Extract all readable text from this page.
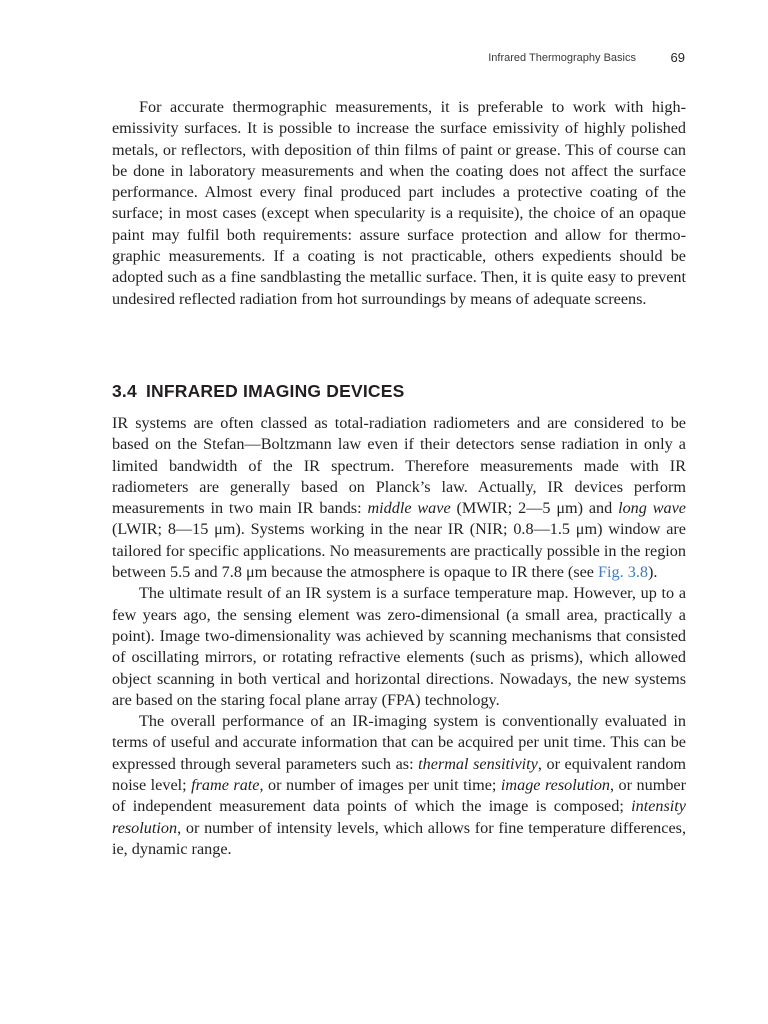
Infrared Thermography Basics	69

For accurate thermographic measurements, it is preferable to work with high-emissivity surfaces. It is possible to increase the surface emissivity of highly polished metals, or reflectors, with deposition of thin films of paint or grease. This of course can be done in laboratory measurements and when the coating does not affect the surface performance. Almost every final produced part includes a protective coating of the surface; in most cases (except when specularity is a requisite), the choice of an opaque paint may fulfil both requirements: assure surface protection and allow for thermographic measurements. If a coating is not practicable, others expedients should be adopted such as a fine sandblasting the metallic surface. Then, it is quite easy to prevent undesired reflected radiation from hot surroundings by means of adequate screens.

3.4 INFRARED IMAGING DEVICES

IR systems are often classed as total-radiation radiometers and are considered to be based on the Stefan—Boltzmann law even if their detectors sense radiation in only a limited bandwidth of the IR spectrum. Therefore measurements made with IR radiometers are generally based on Planck’s law. Actually, IR devices perform measurements in two main IR bands: middle wave (MWIR; 2—5 μm) and long wave (LWIR; 8—15 μm). Systems working in the near IR (NIR; 0.8—1.5 μm) window are tailored for specific applications. No measurements are practically possible in the region between 5.5 and 7.8 μm because the atmosphere is opaque to IR there (see Fig. 3.8).

The ultimate result of an IR system is a surface temperature map. However, up to a few years ago, the sensing element was zero-dimensional (a small area, practically a point). Image two-dimensionality was achieved by scanning mechanisms that consisted of oscillating mirrors, or rotating refractive elements (such as prisms), which allowed object scanning in both vertical and horizontal directions. Nowadays, the new systems are based on the staring focal plane array (FPA) technology.

The overall performance of an IR-imaging system is conventionally evaluated in terms of useful and accurate information that can be acquired per unit time. This can be expressed through several parameters such as: thermal sensitivity, or equivalent random noise level; frame rate, or number of images per unit time; image resolution, or number of independent measurement data points of which the image is composed; intensity resolution, or number of intensity levels, which allows for fine temperature differences, ie, dynamic range.
